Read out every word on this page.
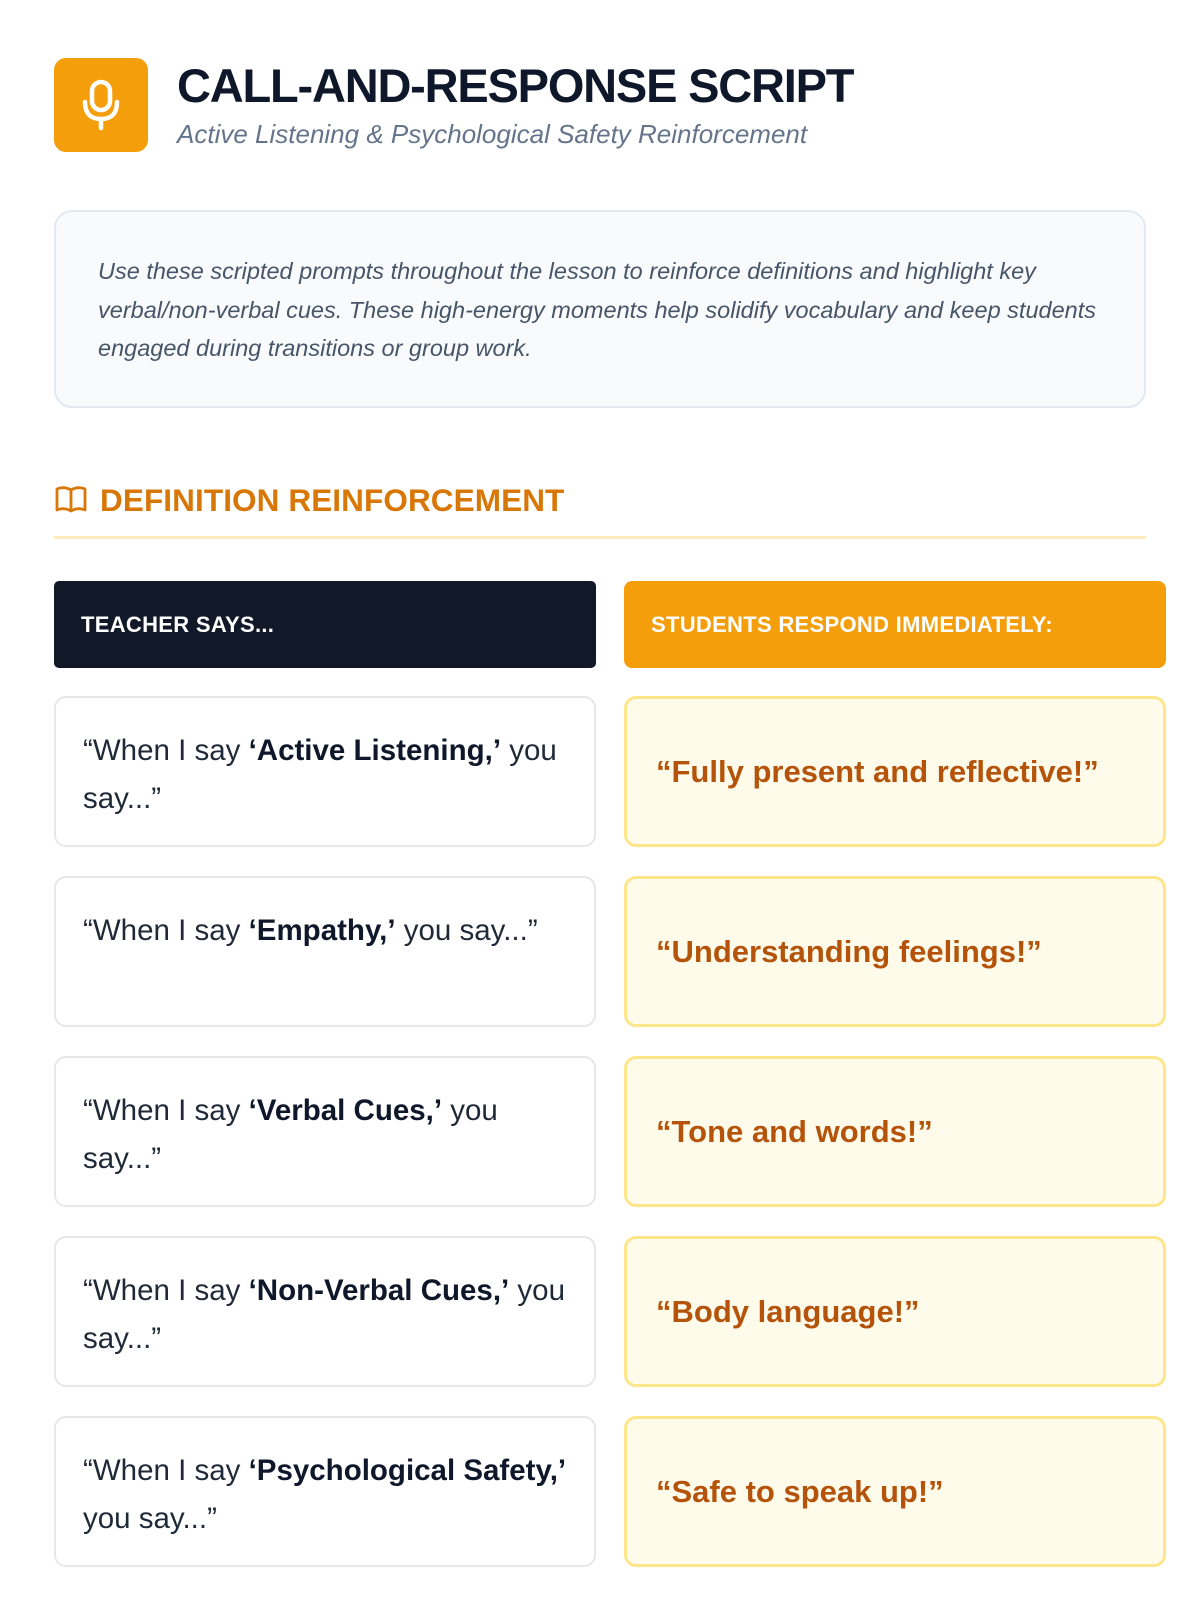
CALL-AND-RESPONSE SCRIPT
Active Listening & Psychological Safety Reinforcement

Use these scripted prompts throughout the lesson to reinforce definitions and highlight key verbal/non-verbal cues. These high-energy moments help solidify vocabulary and keep students engaged during transitions or group work.

DEFINITION REINFORCEMENT
TEACHER SAYS...	STUDENTS RESPOND IMMEDIATELY:
“When I say ‘Active Listening,’ you say...”
“Fully present and reflective!”
“When I say ‘Empathy,’ you say...”
“Understanding feelings!”
“When I say ‘Verbal Cues,’ you say...”
“Tone and words!”
“When I say ‘Non-Verbal Cues,’ you say...”
“Body language!”
“When I say ‘Psychological Safety,’ you say...”
“Safe to speak up!”
